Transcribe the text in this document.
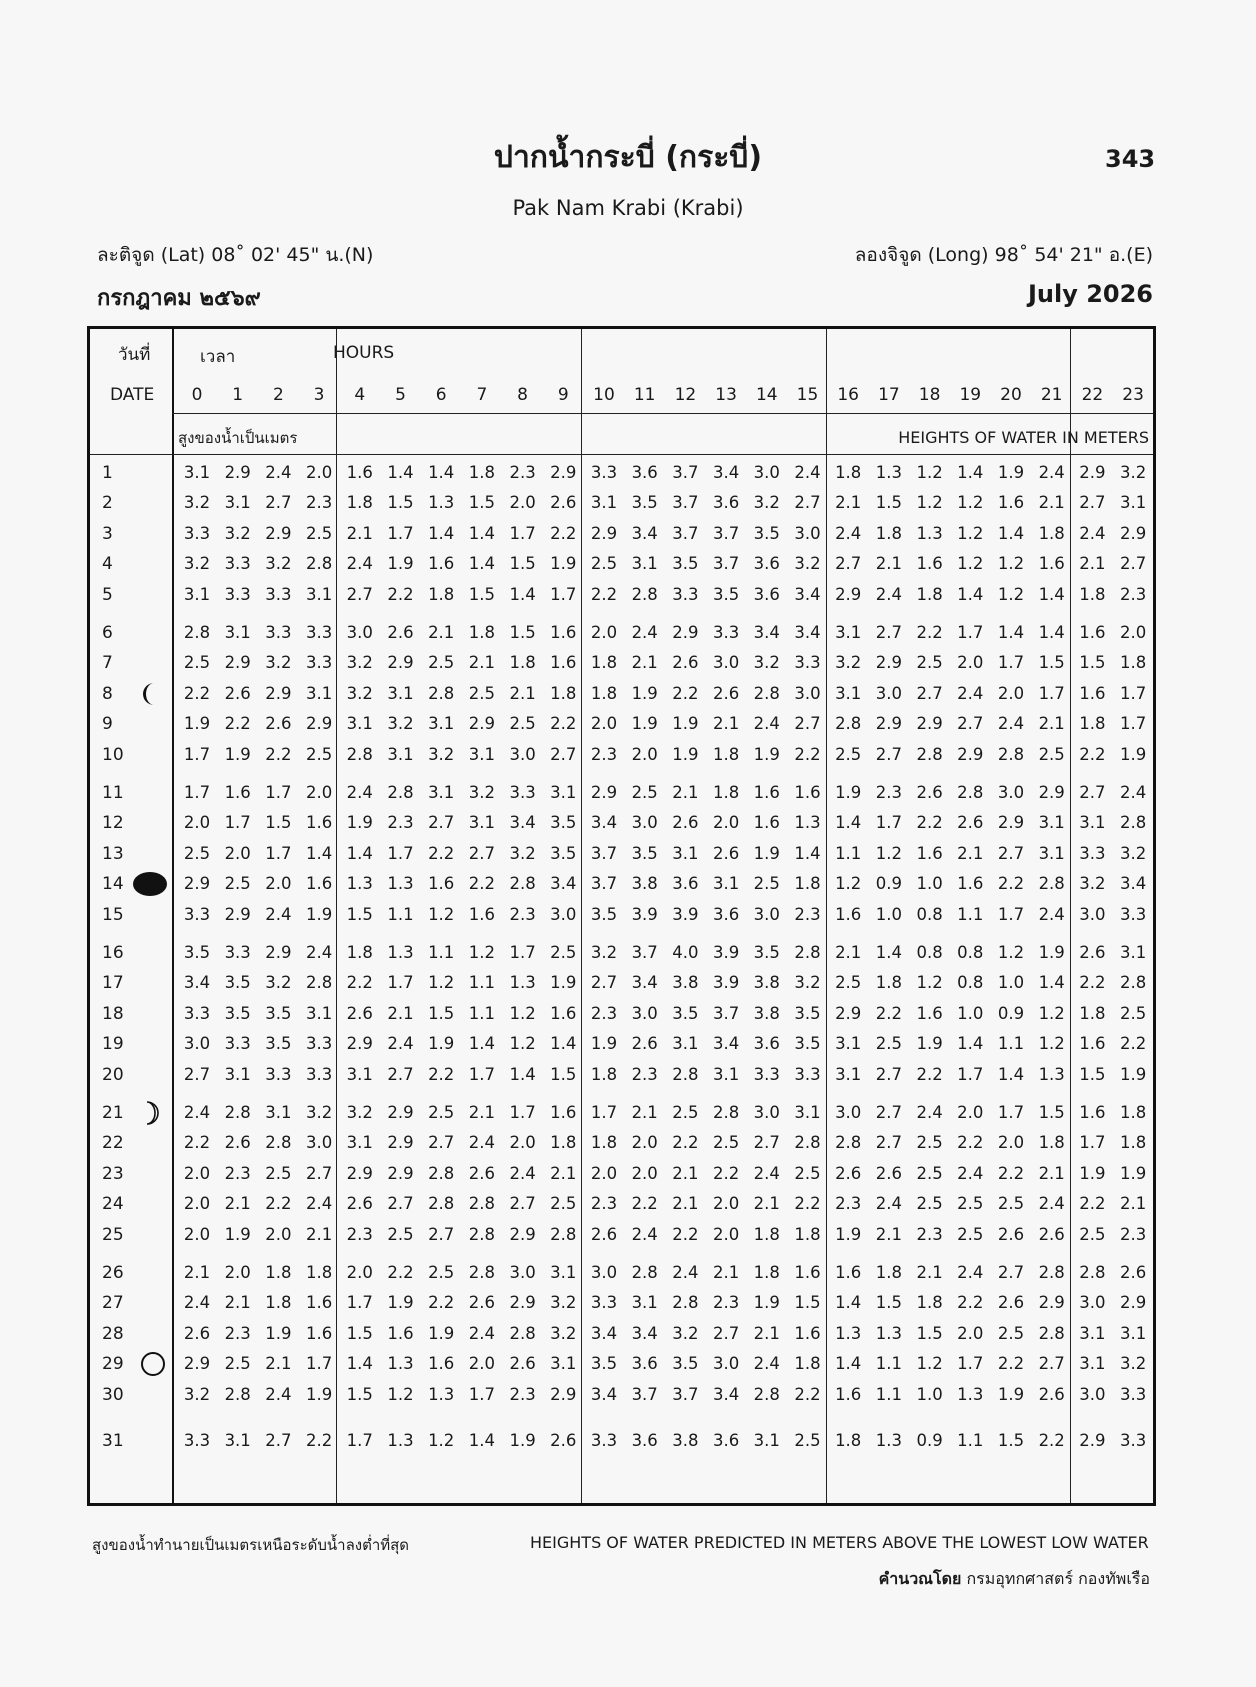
ปากน้ำกระบี่ (กระบี่)	343
Pak Nam Krabi (Krabi)
ละติจูด (Lat) 08˚ 02' 45" น.(N)	ลองจิจูด (Long) 98˚ 54' 21" อ.(E)
กรกฎาคม ๒๕๖๙	July 2026
วันที่
DATE
เวลา	HOURS
สูงของน้ำเป็นเมตร	HEIGHTS OF WATER IN METERS
0	1	2	3	4	5	6	7	8	9	10 11 12 13 14 15 16 17 18 19 20 21 22 23
1	3.1 2.9 2.4 2.0 1.6 1.4 1.4 1.8 2.3 2.9 3.3 3.6 3.7 3.4 3.0 2.4 1.8 1.3 1.2 1.4 1.9 2.4 2.9 3.2
2	3.2 3.1 2.7 2.3 1.8 1.5 1.3 1.5 2.0 2.6 3.1 3.5 3.7 3.6 3.2 2.7 2.1 1.5 1.2 1.2 1.6 2.1 2.7 3.1
3	3.3 3.2 2.9 2.5 2.1 1.7 1.4 1.4 1.7 2.2 2.9 3.4 3.7 3.7 3.5 3.0 2.4 1.8 1.3 1.2 1.4 1.8 2.4 2.9
4	3.2 3.3 3.2 2.8 2.4 1.9 1.6 1.4 1.5 1.9 2.5 3.1 3.5 3.7 3.6 3.2 2.7 2.1 1.6 1.2 1.2 1.6 2.1 2.7
5	3.1 3.3 3.3 3.1 2.7 2.2 1.8 1.5 1.4 1.7 2.2 2.8 3.3 3.5 3.6 3.4 2.9 2.4 1.8 1.4 1.2 1.4 1.8 2.3
6	2.8 3.1 3.3 3.3 3.0 2.6 2.1 1.8 1.5 1.6 2.0 2.4 2.9 3.3 3.4 3.4 3.1 2.7 2.2 1.7 1.4 1.4 1.6 2.0
7	2.5 2.9 3.2 3.3 3.2 2.9 2.5 2.1 1.8 1.6 1.8 2.1 2.6 3.0 3.2 3.3 3.2 2.9 2.5 2.0 1.7 1.5 1.5 1.8
8	2.2 2.6 2.9 3.1 3.2 3.1 2.8 2.5 2.1 1.8 1.8 1.9 2.2 2.6 2.8 3.0 3.1 3.0 2.7 2.4 2.0 1.7 1.6 1.7
9	1.9 2.2 2.6 2.9 3.1 3.2 3.1 2.9 2.5 2.2 2.0 1.9 1.9 2.1 2.4 2.7 2.8 2.9 2.9 2.7 2.4 2.1 1.8 1.7
10	1.7 1.9 2.2 2.5 2.8 3.1 3.2 3.1 3.0 2.7 2.3 2.0 1.9 1.8 1.9 2.2 2.5 2.7 2.8 2.9 2.8 2.5 2.2 1.9
11	1.7 1.6 1.7 2.0 2.4 2.8 3.1 3.2 3.3 3.1 2.9 2.5 2.1 1.8 1.6 1.6 1.9 2.3 2.6 2.8 3.0 2.9 2.7 2.4
12	2.0 1.7 1.5 1.6 1.9 2.3 2.7 3.1 3.4 3.5 3.4 3.0 2.6 2.0 1.6 1.3 1.4 1.7 2.2 2.6 2.9 3.1 3.1 2.8
13	2.5 2.0 1.7 1.4 1.4 1.7 2.2 2.7 3.2 3.5 3.7 3.5 3.1 2.6 1.9 1.4 1.1 1.2 1.6 2.1 2.7 3.1 3.3 3.2
14	2.9 2.5 2.0 1.6 1.3 1.3 1.6 2.2 2.8 3.4 3.7 3.8 3.6 3.1 2.5 1.8 1.2 0.9 1.0 1.6 2.2 2.8 3.2 3.4
15	3.3 2.9 2.4 1.9 1.5 1.1 1.2 1.6 2.3 3.0 3.5 3.9 3.9 3.6 3.0 2.3 1.6 1.0 0.8 1.1 1.7 2.4 3.0 3.3
16	3.5 3.3 2.9 2.4 1.8 1.3 1.1 1.2 1.7 2.5 3.2 3.7 4.0 3.9 3.5 2.8 2.1 1.4 0.8 0.8 1.2 1.9 2.6 3.1
17	3.4 3.5 3.2 2.8 2.2 1.7 1.2 1.1 1.3 1.9 2.7 3.4 3.8 3.9 3.8 3.2 2.5 1.8 1.2 0.8 1.0 1.4 2.2 2.8
18	3.3 3.5 3.5 3.1 2.6 2.1 1.5 1.1 1.2 1.6 2.3 3.0 3.5 3.7 3.8 3.5 2.9 2.2 1.6 1.0 0.9 1.2 1.8 2.5
19	3.0 3.3 3.5 3.3 2.9 2.4 1.9 1.4 1.2 1.4 1.9 2.6 3.1 3.4 3.6 3.5 3.1 2.5 1.9 1.4 1.1 1.2 1.6 2.2
20	2.7 3.1 3.3 3.3 3.1 2.7 2.2 1.7 1.4 1.5 1.8 2.3 2.8 3.1 3.3 3.3 3.1 2.7 2.2 1.7 1.4 1.3 1.5 1.9
21	2.4 2.8 3.1 3.2 3.2 2.9 2.5 2.1 1.7 1.6 1.7 2.1 2.5 2.8 3.0 3.1 3.0 2.7 2.4 2.0 1.7 1.5 1.6 1.8
22	2.2 2.6 2.8 3.0 3.1 2.9 2.7 2.4 2.0 1.8 1.8 2.0 2.2 2.5 2.7 2.8 2.8 2.7 2.5 2.2 2.0 1.8 1.7 1.8
23	2.0 2.3 2.5 2.7 2.9 2.9 2.8 2.6 2.4 2.1 2.0 2.0 2.1 2.2 2.4 2.5 2.6 2.6 2.5 2.4 2.2 2.1 1.9 1.9
24	2.0 2.1 2.2 2.4 2.6 2.7 2.8 2.8 2.7 2.5 2.3 2.2 2.1 2.0 2.1 2.2 2.3 2.4 2.5 2.5 2.5 2.4 2.2 2.1
25	2.0 1.9 2.0 2.1 2.3 2.5 2.7 2.8 2.9 2.8 2.6 2.4 2.2 2.0 1.8 1.8 1.9 2.1 2.3 2.5 2.6 2.6 2.5 2.3
26	2.1 2.0 1.8 1.8 2.0 2.2 2.5 2.8 3.0 3.1 3.0 2.8 2.4 2.1 1.8 1.6 1.6 1.8 2.1 2.4 2.7 2.8 2.8 2.6
27	2.4 2.1 1.8 1.6 1.7 1.9 2.2 2.6 2.9 3.2 3.3 3.1 2.8 2.3 1.9 1.5 1.4 1.5 1.8 2.2 2.6 2.9 3.0 2.9
28	2.6 2.3 1.9 1.6 1.5 1.6 1.9 2.4 2.8 3.2 3.4 3.4 3.2 2.7 2.1 1.6 1.3 1.3 1.5 2.0 2.5 2.8 3.1 3.1
29	2.9 2.5 2.1 1.7 1.4 1.3 1.6 2.0 2.6 3.1 3.5 3.6 3.5 3.0 2.4 1.8 1.4 1.1 1.2 1.7 2.2 2.7 3.1 3.2
30	3.2 2.8 2.4 1.9 1.5 1.2 1.3 1.7 2.3 2.9 3.4 3.7 3.7 3.4 2.8 2.2 1.6 1.1 1.0 1.3 1.9 2.6 3.0 3.3
31	3.3 3.1 2.7 2.2 1.7 1.3 1.2 1.4 1.9 2.6 3.3 3.6 3.8 3.6 3.1 2.5 1.8 1.3 0.9 1.1 1.5 2.2 2.9 3.3
สูงของน้ำทำนายเป็นเมตรเหนือระดับน้ำลงต่ำที่สุด	HEIGHTS OF WATER PREDICTED IN METERS ABOVE THE LOWEST LOW WATER
คำนวณโดย กรมอุทกศาสตร์ กองทัพเรือ
